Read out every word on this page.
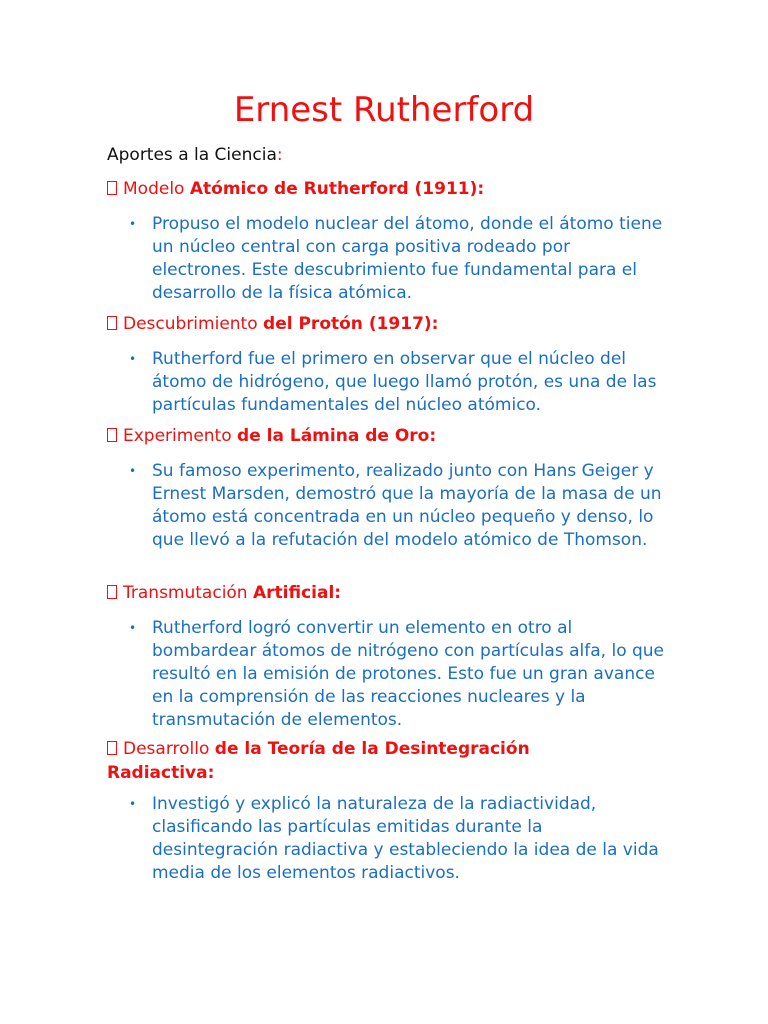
Ernest Rutherford
Aportes a la Ciencia:

Modelo Atómico de Rutherford (1911):

• Propuso el modelo nuclear del átomo, donde el átomo tiene un núcleo central con carga positiva rodeado por electrones. Este descubrimiento fue fundamental para el desarrollo de la física atómica.

Descubrimiento del Protón (1917):

• Rutherford fue el primero en observar que el núcleo del átomo de hidrógeno, que luego llamó protón, es una de las partículas fundamentales del núcleo atómico.

Experimento de la Lámina de Oro:

• Su famoso experimento, realizado junto con Hans Geiger y Ernest Marsden, demostró que la mayoría de la masa de un átomo está concentrada en un núcleo pequeño y denso, lo que llevó a la refutación del modelo atómico de Thomson.

Transmutación Artificial:

• Rutherford logró convertir un elemento en otro al bombardear átomos de nitrógeno con partículas alfa, lo que resultó en la emisión de protones. Esto fue un gran avance en la comprensión de las reacciones nucleares y la transmutación de elementos.

Desarrollo de la Teoría de la Desintegración Radiactiva:

• Investigó y explicó la naturaleza de la radiactividad, clasificando las partículas emitidas durante la desintegración radiactiva y estableciendo la idea de la vida media de los elementos radiactivos.
